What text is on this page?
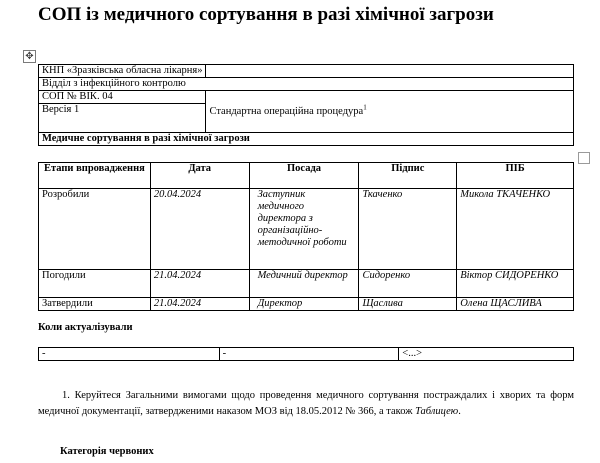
СОП із медичного сортування в разі хімічної загрози
✥
КНП «Зразківська обласна лікарня»	
Відділ з інфекційного контролю	
СОП № ВІК. 04	Стандартна операційна процедура$^1$
Версія 1	
Медичне сортування в разі хімічної загрози	
Етапи впровадження	Дата	Посада	Підпис	ПІБ
Розробили	20.04.2024	Заступник медичного директора з організаційно-методичної роботи	Ткаченко	Микола ТКАЧЕНКО
Погодили	21.04.2024	Медичний директор	Сидоренко	Віктор СИДОРЕНКО
Затвердили	21.04.2024	Директор	Щаслива	Олена ЩАСЛИВА
Коли актуалізували
-	-	<...>
1. Керуйтеся Загальними вимогами щодо проведення медичного сортування постраждалих і хворих та форм медичної документації, затвердженими наказом МОЗ від 18.05.2012 № 366, а також Таблицею.
Категорія червоних
